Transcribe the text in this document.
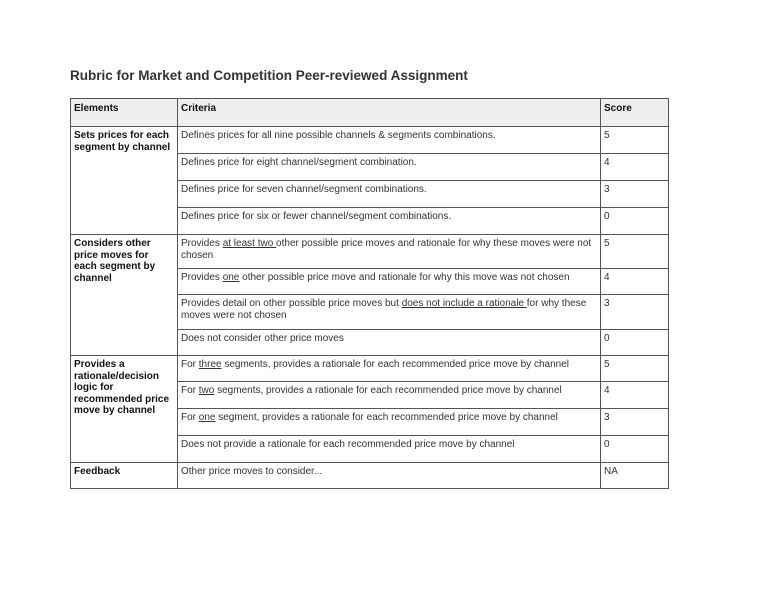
Rubric for Market and Competition Peer-reviewed Assignment
Elements	Criteria	Score
Sets prices for each segment by channel	Defines prices for all nine possible channels & segments combinations.	5
	Defines price for eight channel/segment combination.	4
	Defines price for seven channel/segment combinations.	3
	Defines price for six or fewer channel/segment combinations.	0
Considers other price moves for each segment by channel	Provides at least two other possible price moves and rationale for why these moves were not chosen	5
	Provides one other possible price move and rationale for why this move was not chosen	4
	Provides detail on other possible price moves but does not include a rationale for why these moves were not chosen	3
	Does not consider other price moves	0
Provides a rationale/decision logic for recommended price move by channel	For three segments, provides a rationale for each recommended price move by channel	5
	For two segments, provides a rationale for each recommended price move by channel	4
	For one segment, provides a rationale for each recommended price move by channel	3
	Does not provide a rationale for each recommended price move by channel	0
Feedback	Other price moves to consider...	NA
